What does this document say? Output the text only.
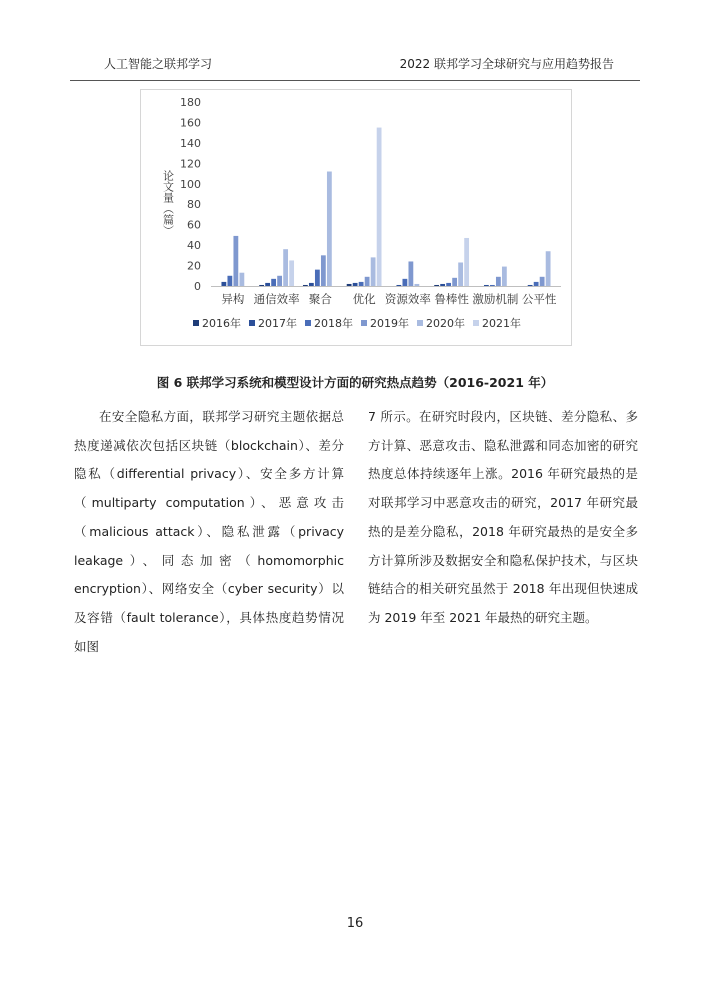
人工智能之联邦学习	2022 联邦学习全球研究与应用趋势报告
0
20
40
60
80
100
120
140
160
180
论文量（篇）
异构 通信效率 聚合 优化 资源效率 鲁棒性 激励机制 公平性
2016年 2017年 2018年 2019年 2020年 2021年
图 6 联邦学习系统和模型设计方面的研究热点趋势（2016-2021 年）

在安全隐私方面，联邦学习研究主题依据总热度递减依次包括区块链（blockchain）、差分隐私（differential privacy）、安全多方计算（multiparty computation）、恶意攻击（malicious attack）、隐私泄露（privacy leakage）、同态加密（homomorphic encryption）、网络安全（cyber security）以及容错（fault tolerance），具体热度趋势情况如图

7 所示。在研究时段内，区块链、差分隐私、多方计算、恶意攻击、隐私泄露和同态加密的研究热度总体持续逐年上涨。2016 年研究最热的是对联邦学习中恶意攻击的研究，2017 年研究最热的是差分隐私，2018 年研究最热的是安全多方计算所涉及数据安全和隐私保护技术，与区块链结合的相关研究虽然于 2018 年出现但快速成为 2019 年至 2021 年最热的研究主题。

16
